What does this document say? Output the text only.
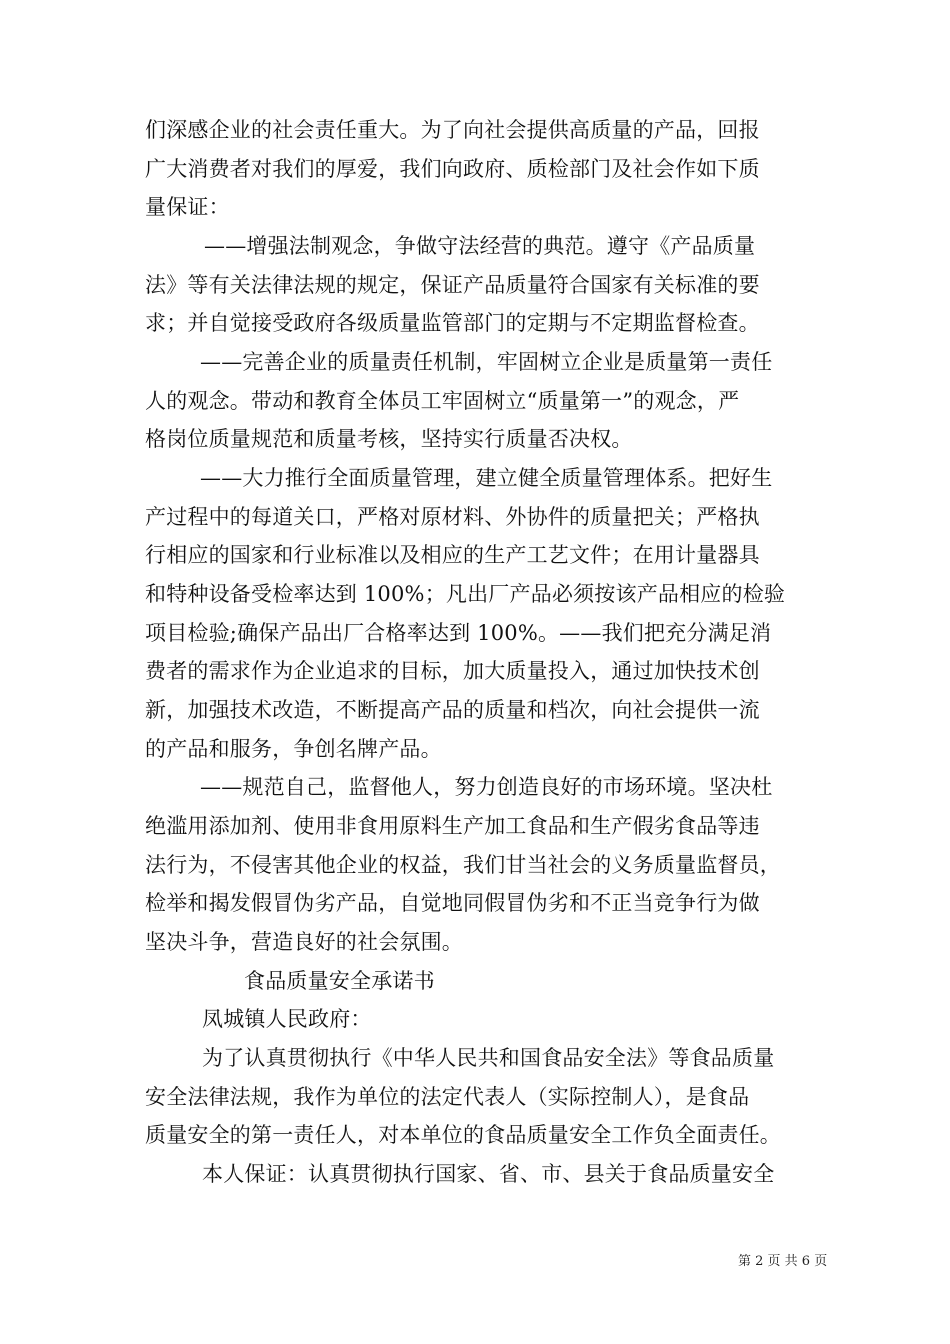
们深感企业的社会责任重大。为了向社会提供高质量的产品，回报
广大消费者对我们的厚爱，我们向政府、质检部门及社会作如下质
量保证：
——增强法制观念，争做守法经营的典范。遵守《产品质量
法》等有关法律法规的规定，保证产品质量符合国家有关标准的要
求；并自觉接受政府各级质量监管部门的定期与不定期监督检查。
——完善企业的质量责任机制，牢固树立企业是质量第一责任
人的观念。带动和教育全体员工牢固树立“质量第一”的观念，严
格岗位质量规范和质量考核，坚持实行质量否决权。
——大力推行全面质量管理，建立健全质量管理体系。把好生
产过程中的每道关口，严格对原材料、外协件的质量把关；严格执
行相应的国家和行业标准以及相应的生产工艺文件；在用计量器具
和特种设备受检率达到 100%；凡出厂产品必须按该产品相应的检验
项目检验;确保产品出厂合格率达到 100%。——我们把充分满足消
费者的需求作为企业追求的目标，加大质量投入，通过加快技术创
新，加强技术改造，不断提高产品的质量和档次，向社会提供一流
的产品和服务，争创名牌产品。
——规范自己，监督他人，努力创造良好的市场环境。坚决杜
绝滥用添加剂、使用非食用原料生产加工食品和生产假劣食品等违
法行为，不侵害其他企业的权益，我们甘当社会的义务质量监督员，
检举和揭发假冒伪劣产品，自觉地同假冒伪劣和不正当竞争行为做
坚决斗争，营造良好的社会氛围。
食品质量安全承诺书
凤城镇人民政府：
为了认真贯彻执行《中华人民共和国食品安全法》等食品质量
安全法律法规，我作为单位的法定代表人（实际控制人），是食品
质量安全的第一责任人，对本单位的食品质量安全工作负全面责任。
本人保证：认真贯彻执行国家、省、市、县关于食品质量安全
第 2 页 共 6 页
